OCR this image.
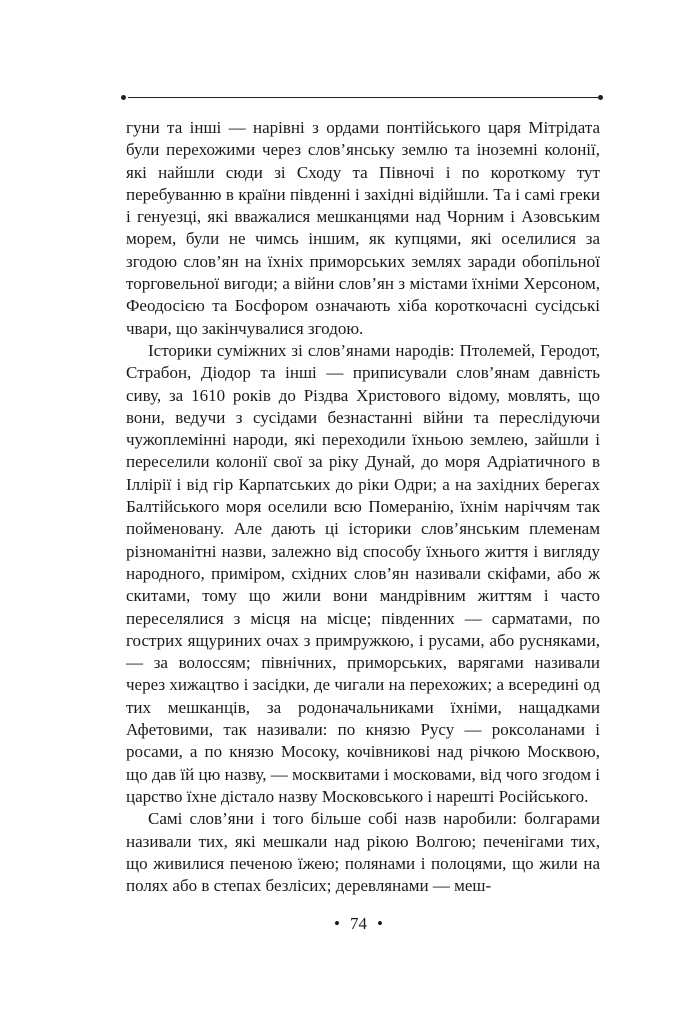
гуни та інші — нарівні з ордами понтійського царя Мітрідата були перехожими через слов’янську землю та іноземні колонії, які найшли сюди зі Сходу та Півночі і по короткому тут перебуванню в країни південні і західні відійшли. Та і самі греки і генуезці, які вважалися мешканцями над Чорним і Азовським морем, були не чимсь іншим, як купцями, які оселилися за згодою слов’ян на їхніх приморських землях заради обопільної торговельної вигоди; а війни слов’ян з містами їхніми Херсоном, Феодосією та Босфором означають хіба короткочасні сусідські чвари, що закінчувалися згодою.

Історики суміжних зі слов’янами народів: Птолемей, Геродот, Страбон, Діодор та інші — приписували слов’янам давність сиву, за 1610 років до Різдва Христового відому, мовлять, що вони, ведучи з сусідами безнастанні війни та переслідуючи чужоплемінні народи, які переходили їхньою землею, зайшли і переселили колонії свої за ріку Дунай, до моря Адріатичного в Іллірії і від гір Карпатських до ріки Одри; а на західних берегах Балтійського моря оселили всю Померанію, їхнім наріччям так пойменовану. Але дають ці історики слов’янським племенам різноманітні назви, залежно від способу їхнього життя і вигляду народного, приміром, східних слов’ян називали скіфами, або ж скитами, тому що жили вони мандрівним життям і часто переселялися з місця на місце; південних — сарматами, по гострих ящуриних очах з примружкою, і русами, або русняками, — за волоссям; північних, приморських, варягами називали через хижацтво і засідки, де чигали на перехожих; а всередині од тих мешканців, за родоначальниками їхніми, нащадками Афетовими, так називали: по князю Русу — роксоланами і росами, а по князю Мосоку, кочівникові над річкою Москвою, що дав їй цю назву, — москвитами і московами, від чого згодом і царство їхне дістало назву Московського і нарешті Російського.

Самі слов’яни і того більше собі назв наробили: болгарами називали тих, які мешкали над рікою Волгою; печенігами тих, що живилися печеною їжею; полянами і полоцями, що жили на полях або в степах безлісих; деревлянами — меш-

• 74 •
